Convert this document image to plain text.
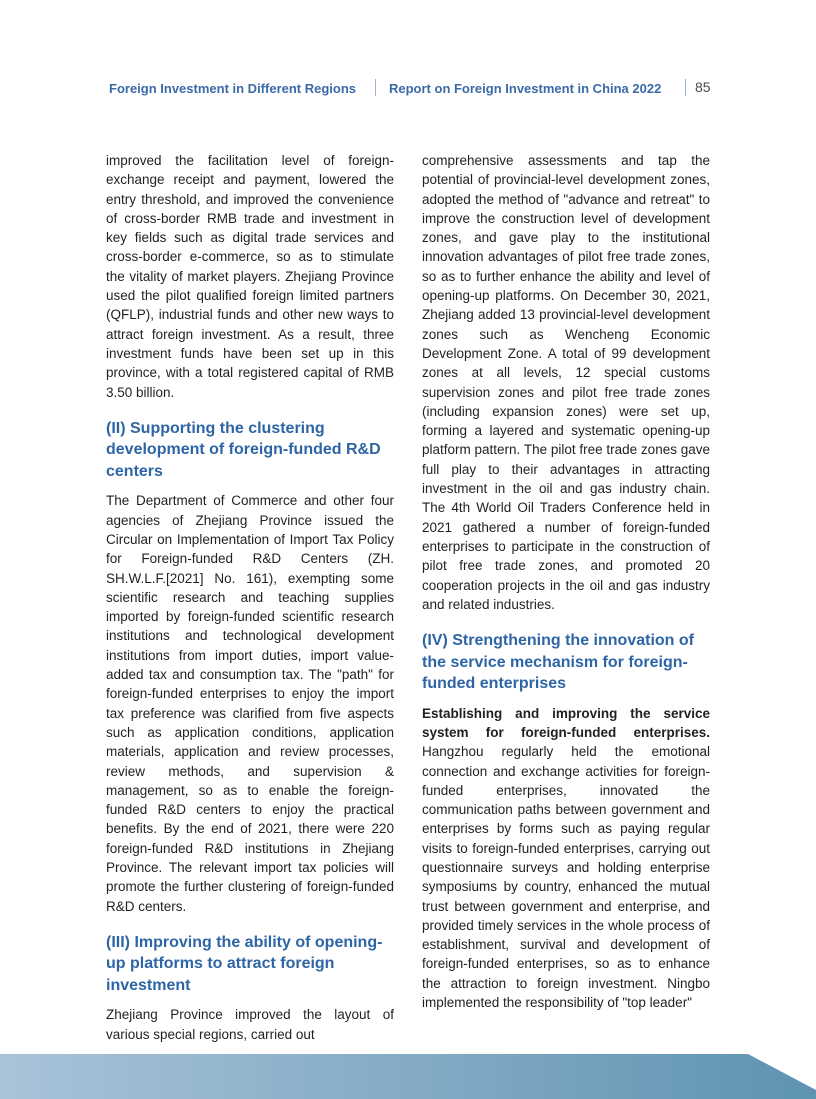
Foreign Investment in Different Regions	Report on Foreign Investment in China 2022 85

improved the facilitation level of foreign-exchange receipt and payment, lowered the entry threshold, and improved the convenience of cross-border RMB trade and investment in key fields such as digital trade services and cross-border e-commerce, so as to stimulate the vitality of market players. Zhejiang Province used the pilot qualified foreign limited partners (QFLP), industrial funds and other new ways to attract foreign investment. As a result, three investment funds have been set up in this province, with a total registered capital of RMB 3.50 billion.

(II) Supporting the clustering development of foreign-funded R&D centers

The Department of Commerce and other four agencies of Zhejiang Province issued the Circular on Implementation of Import Tax Policy for Foreign-funded R&D Centers (ZH. SH.W.L.F.[2021] No. 161), exempting some scientific research and teaching supplies imported by foreign-funded scientific research institutions and technological development institutions from import duties, import value-added tax and consumption tax. The "path" for foreign-funded enterprises to enjoy the import tax preference was clarified from five aspects such as application conditions, application materials, application and review processes, review methods, and supervision & management, so as to enable the foreign-funded R&D centers to enjoy the practical benefits. By the end of 2021, there were 220 foreign-funded R&D institutions in Zhejiang Province. The relevant import tax policies will promote the further clustering of foreign-funded R&D centers.

(III) Improving the ability of opening-up platforms to attract foreign investment

Zhejiang Province improved the layout of various special regions, carried out

comprehensive assessments and tap the potential of provincial-level development zones, adopted the method of "advance and retreat" to improve the construction level of development zones, and gave play to the institutional innovation advantages of pilot free trade zones, so as to further enhance the ability and level of opening-up platforms. On December 30, 2021, Zhejiang added 13 provincial-level development zones such as Wencheng Economic Development Zone. A total of 99 development zones at all levels, 12 special customs supervision zones and pilot free trade zones (including expansion zones) were set up, forming a layered and systematic opening-up platform pattern. The pilot free trade zones gave full play to their advantages in attracting investment in the oil and gas industry chain. The 4th World Oil Traders Conference held in 2021 gathered a number of foreign-funded enterprises to participate in the construction of pilot free trade zones, and promoted 20 cooperation projects in the oil and gas industry and related industries.

(IV) Strengthening the innovation of the service mechanism for foreign-funded enterprises

Establishing and improving the service system for foreign-funded enterprises. Hangzhou regularly held the emotional connection and exchange activities for foreign-funded enterprises, innovated the communication paths between government and enterprises by forms such as paying regular visits to foreign-funded enterprises, carrying out questionnaire surveys and holding enterprise symposiums by country, enhanced the mutual trust between government and enterprise, and provided timely services in the whole process of establishment, survival and development of foreign-funded enterprises, so as to enhance the attraction to foreign investment. Ningbo implemented the responsibility of "top leader"
